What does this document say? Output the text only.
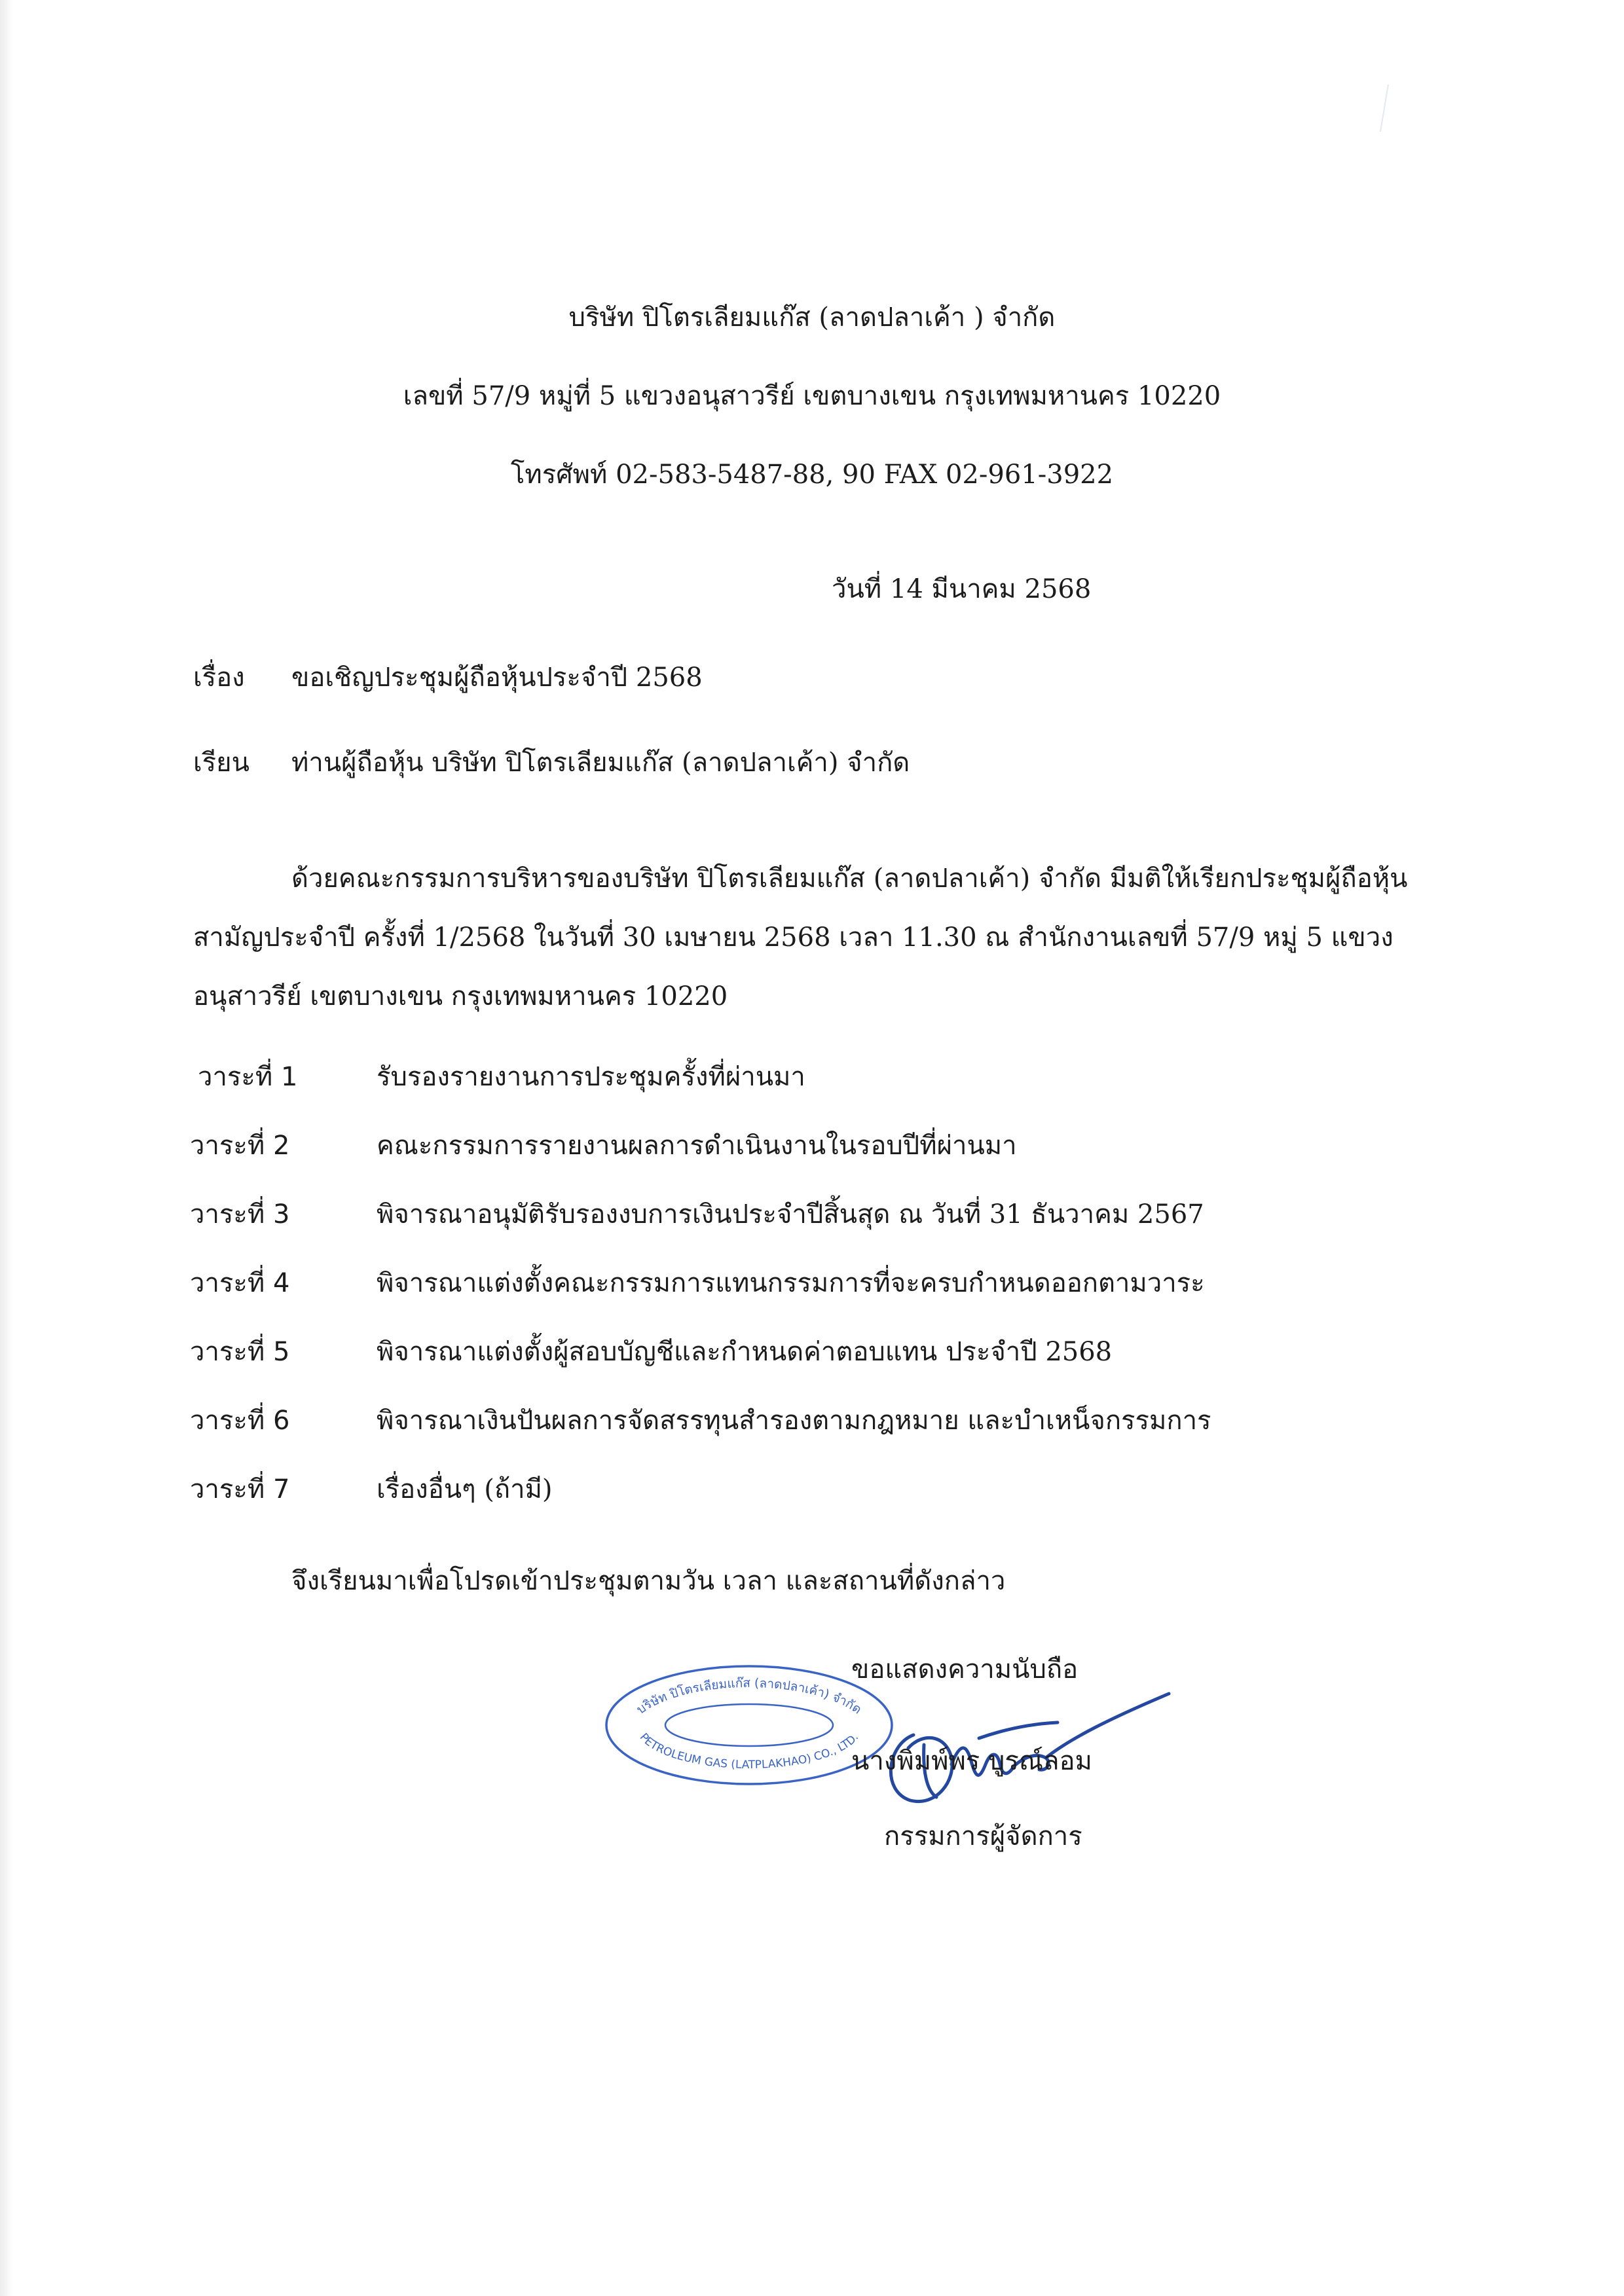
บริษัท ปิโตรเลียมแก๊ส (ลาดปลาเค้า ) จำกัด
เลขที่ 57/9 หมู่ที่ 5 แขวงอนุสาวรีย์ เขตบางเขน กรุงเทพมหานคร 10220
โทรศัพท์ 02-583-5487-88, 90 FAX 02-961-3922
วันที่ 14 มีนาคม 2568
เรื่อง ขอเชิญประชุมผู้ถือหุ้นประจำปี 2568
เรียน ท่านผู้ถือหุ้น บริษัท ปิโตรเลียมแก๊ส (ลาดปลาเค้า) จำกัด
ด้วยคณะกรรมการบริหารของบริษัท ปิโตรเลียมแก๊ส (ลาดปลาเค้า) จำกัด มีมติให้เรียกประชุมผู้ถือหุ้น
สามัญประจำปี ครั้งที่ 1/2568 ในวันที่ 30 เมษายน 2568 เวลา 11.30 ณ สำนักงานเลขที่ 57/9 หมู่ 5 แขวง
อนุสาวรีย์ เขตบางเขน กรุงเทพมหานคร 10220
วาระที่ 1	รับรองรายงานการประชุมครั้งที่ผ่านมา
วาระที่ 2	คณะกรรมการรายงานผลการดำเนินงานในรอบปีที่ผ่านมา
วาระที่ 3	พิจารณาอนุมัติรับรองงบการเงินประจำปีสิ้นสุด ณ วันที่ 31 ธันวาคม 2567
วาระที่ 4	พิจารณาแต่งตั้งคณะกรรมการแทนกรรมการที่จะครบกำหนดออกตามวาระ
วาระที่ 5	พิจารณาแต่งตั้งผู้สอบบัญชีและกำหนดค่าตอบแทน ประจำปี 2568
วาระที่ 6	พิจารณาเงินปันผลการจัดสรรทุนสำรองตามกฎหมาย และบำเหน็จกรรมการ
วาระที่ 7	เรื่องอื่นๆ (ถ้ามี)
จึงเรียนมาเพื่อโปรดเข้าประชุมตามวัน เวลา และสถานที่ดังกล่าว
ขอแสดงความนับถือ
บริษัท ปิโตรเลียมแก๊ส (ลาดปลาเค้า) จำกัด
PETROLEUM GAS (LATPLAKHAO) CO., LTD.
นางพิมพ์พร บูรณ์ลอม
กรรมการผู้จัดการ
